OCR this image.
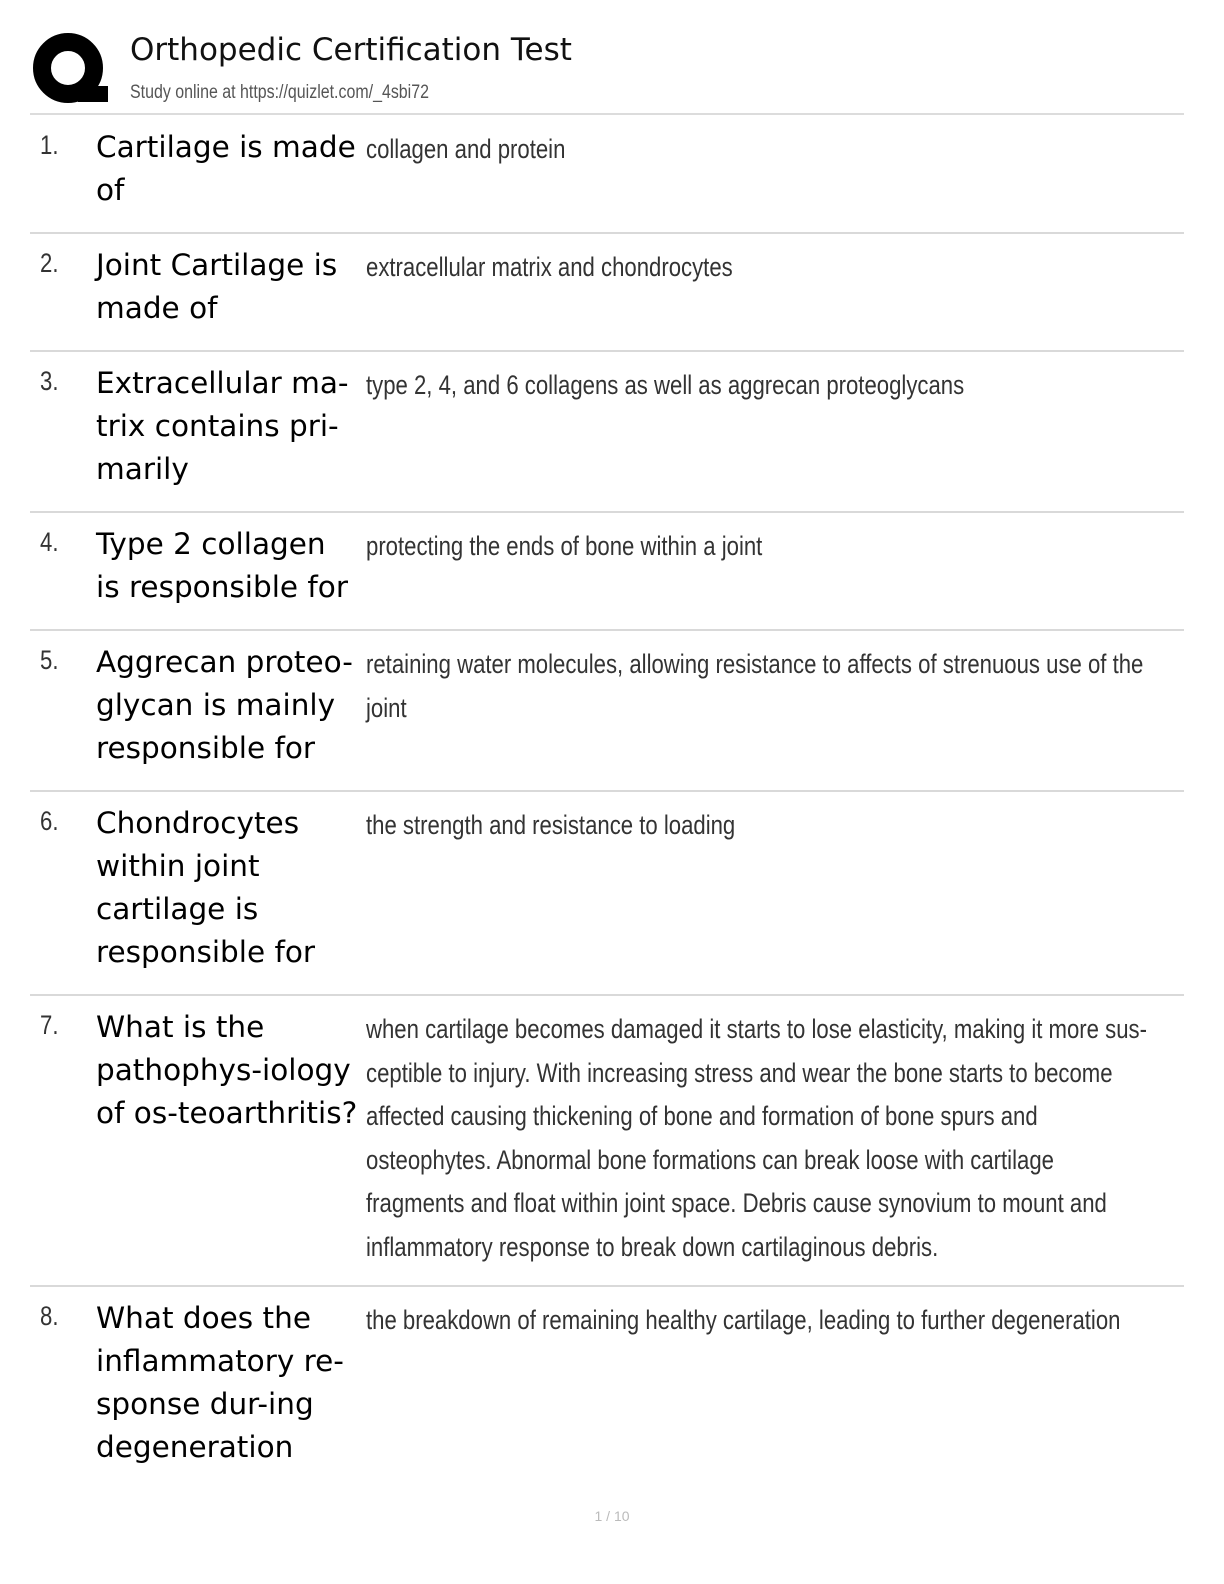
Orthopedic Certification Test
Study online at https://quizlet.com/_4sbi72
1. Cartilage is made of
collagen and protein
2. Joint Cartilage is made of
extracellular matrix and chondrocytes
3. Extracellular ma-trix contains pri-marily
type 2, 4, and 6 collagens as well as aggrecan proteoglycans
4. Type 2 collagen is responsible for
protecting the ends of bone within a joint
5. Aggrecan proteo-glycan is mainly responsible for
retaining water molecules, allowing resistance to affects of strenuous use of the joint
6. Chondrocytes within joint cartilage is responsible for
the strength and resistance to loading
7. What is the pathophys-iology of os-teoarthritis?
when cartilage becomes damaged it starts to lose elasticity, making it more sus-ceptible to injury. With increasing stress and wear the bone starts to become affected causing thickening of bone and formation of bone spurs and osteophytes. Abnormal bone formations can break loose with cartilage fragments and float within joint space. Debris cause synovium to mount and inflammatory response to break down cartilaginous debris.
8. What does the inflammatory re-sponse dur-ing degeneration
the breakdown of remaining healthy cartilage, leading to further degeneration
1 / 10
